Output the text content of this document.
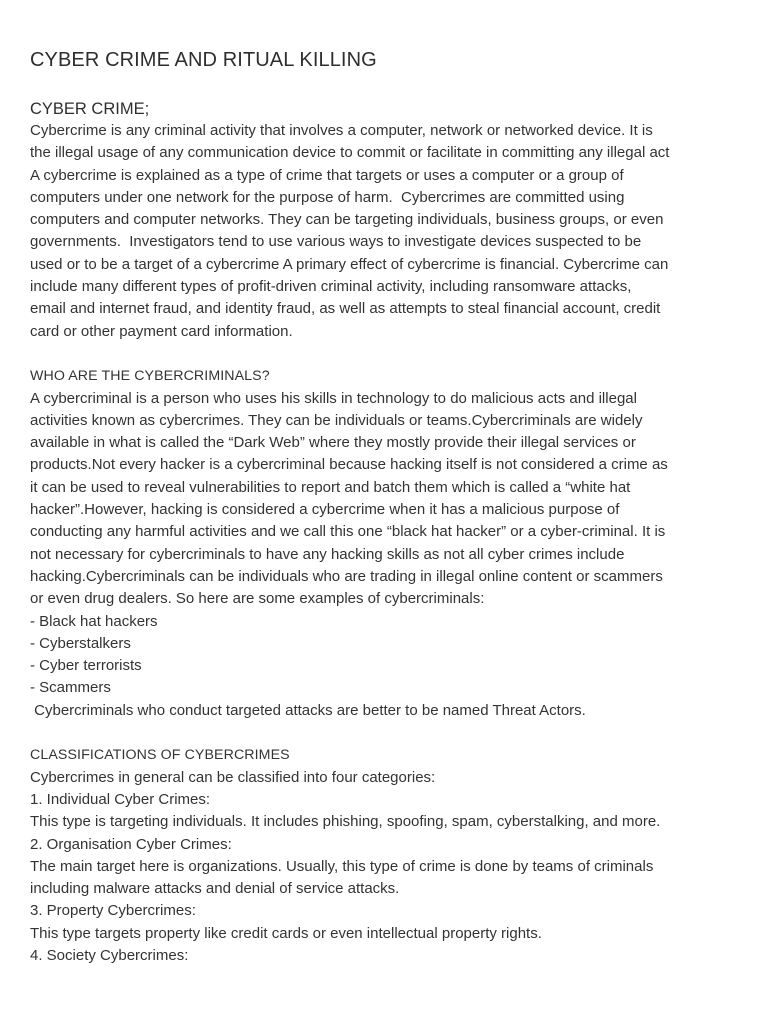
CYBER CRIME AND RITUAL KILLING
CYBER CRIME;
Cybercrime is any criminal activity that involves a computer, network or networked device. It is
the illegal usage of any communication device to commit or facilitate in committing any illegal act
A cybercrime is explained as a type of crime that targets or uses a computer or a group of
computers under one network for the purpose of harm.  Cybercrimes are committed using
computers and computer networks. They can be targeting individuals, business groups, or even
governments.  Investigators tend to use various ways to investigate devices suspected to be
used or to be a target of a cybercrime A primary effect of cybercrime is financial. Cybercrime can
include many different types of profit-driven criminal activity, including ransomware attacks,
email and internet fraud, and identity fraud, as well as attempts to steal financial account, credit
card or other payment card information.
WHO ARE THE CYBERCRIMINALS?
A cybercriminal is a person who uses his skills in technology to do malicious acts and illegal
activities known as cybercrimes. They can be individuals or teams.Cybercriminals are widely
available in what is called the “Dark Web” where they mostly provide their illegal services or
products.Not every hacker is a cybercriminal because hacking itself is not considered a crime as
it can be used to reveal vulnerabilities to report and batch them which is called a “white hat
hacker”.However, hacking is considered a cybercrime when it has a malicious purpose of
conducting any harmful activities and we call this one “black hat hacker” or a cyber-criminal. It is
not necessary for cybercriminals to have any hacking skills as not all cyber crimes include
hacking.Cybercriminals can be individuals who are trading in illegal online content or scammers
or even drug dealers. So here are some examples of cybercriminals:
- Black hat hackers
- Cyberstalkers
- Cyber terrorists
- Scammers
Cybercriminals who conduct targeted attacks are better to be named Threat Actors.
CLASSIFICATIONS OF CYBERCRIMES
Cybercrimes in general can be classified into four categories:
1. Individual Cyber Crimes:
This type is targeting individuals. It includes phishing, spoofing, spam, cyberstalking, and more.
2. Organisation Cyber Crimes:
The main target here is organizations. Usually, this type of crime is done by teams of criminals
including malware attacks and denial of service attacks.
3. Property Cybercrimes:
This type targets property like credit cards or even intellectual property rights.
4. Society Cybercrimes:
